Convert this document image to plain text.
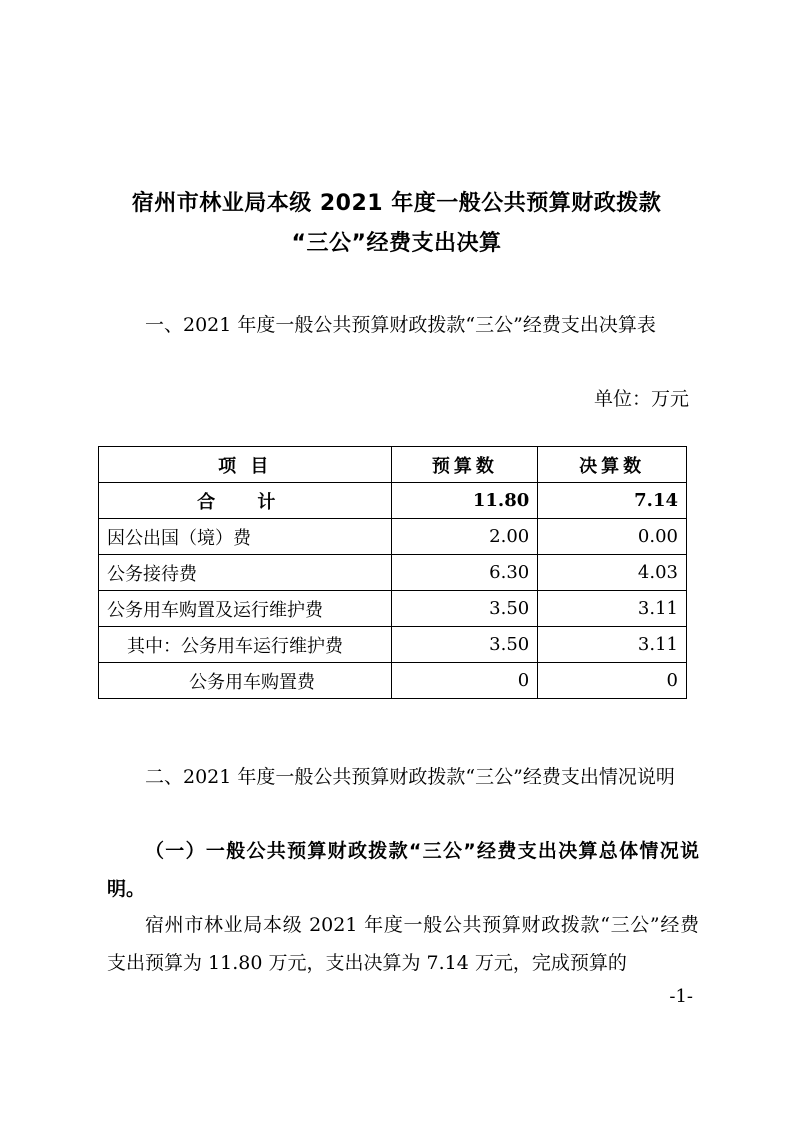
宿州市林业局本级 2021 年度一般公共预算财政拨款
“三公”经费支出决算

一、2021 年度一般公共预算财政拨款“三公”经费支出决算表

单位：万元
项 目	预算数	决算数
合 计	11.80	7.14
因公出国（境）费	2.00	0.00
公务接待费	6.30	4.03
公务用车购置及运行维护费	3.50	3.11
其中：公务用车运行维护费	3.50	3.11
公务用车购置费	0	0

二、2021 年度一般公共预算财政拨款“三公”经费支出情况说明

（一）一般公共预算财政拨款“三公”经费支出决算总体情况说明。

宿州市林业局本级 2021 年度一般公共预算财政拨款“三公”经费支出预算为 11.80 万元，支出决算为 7.14 万元，完成预算的

-1-
